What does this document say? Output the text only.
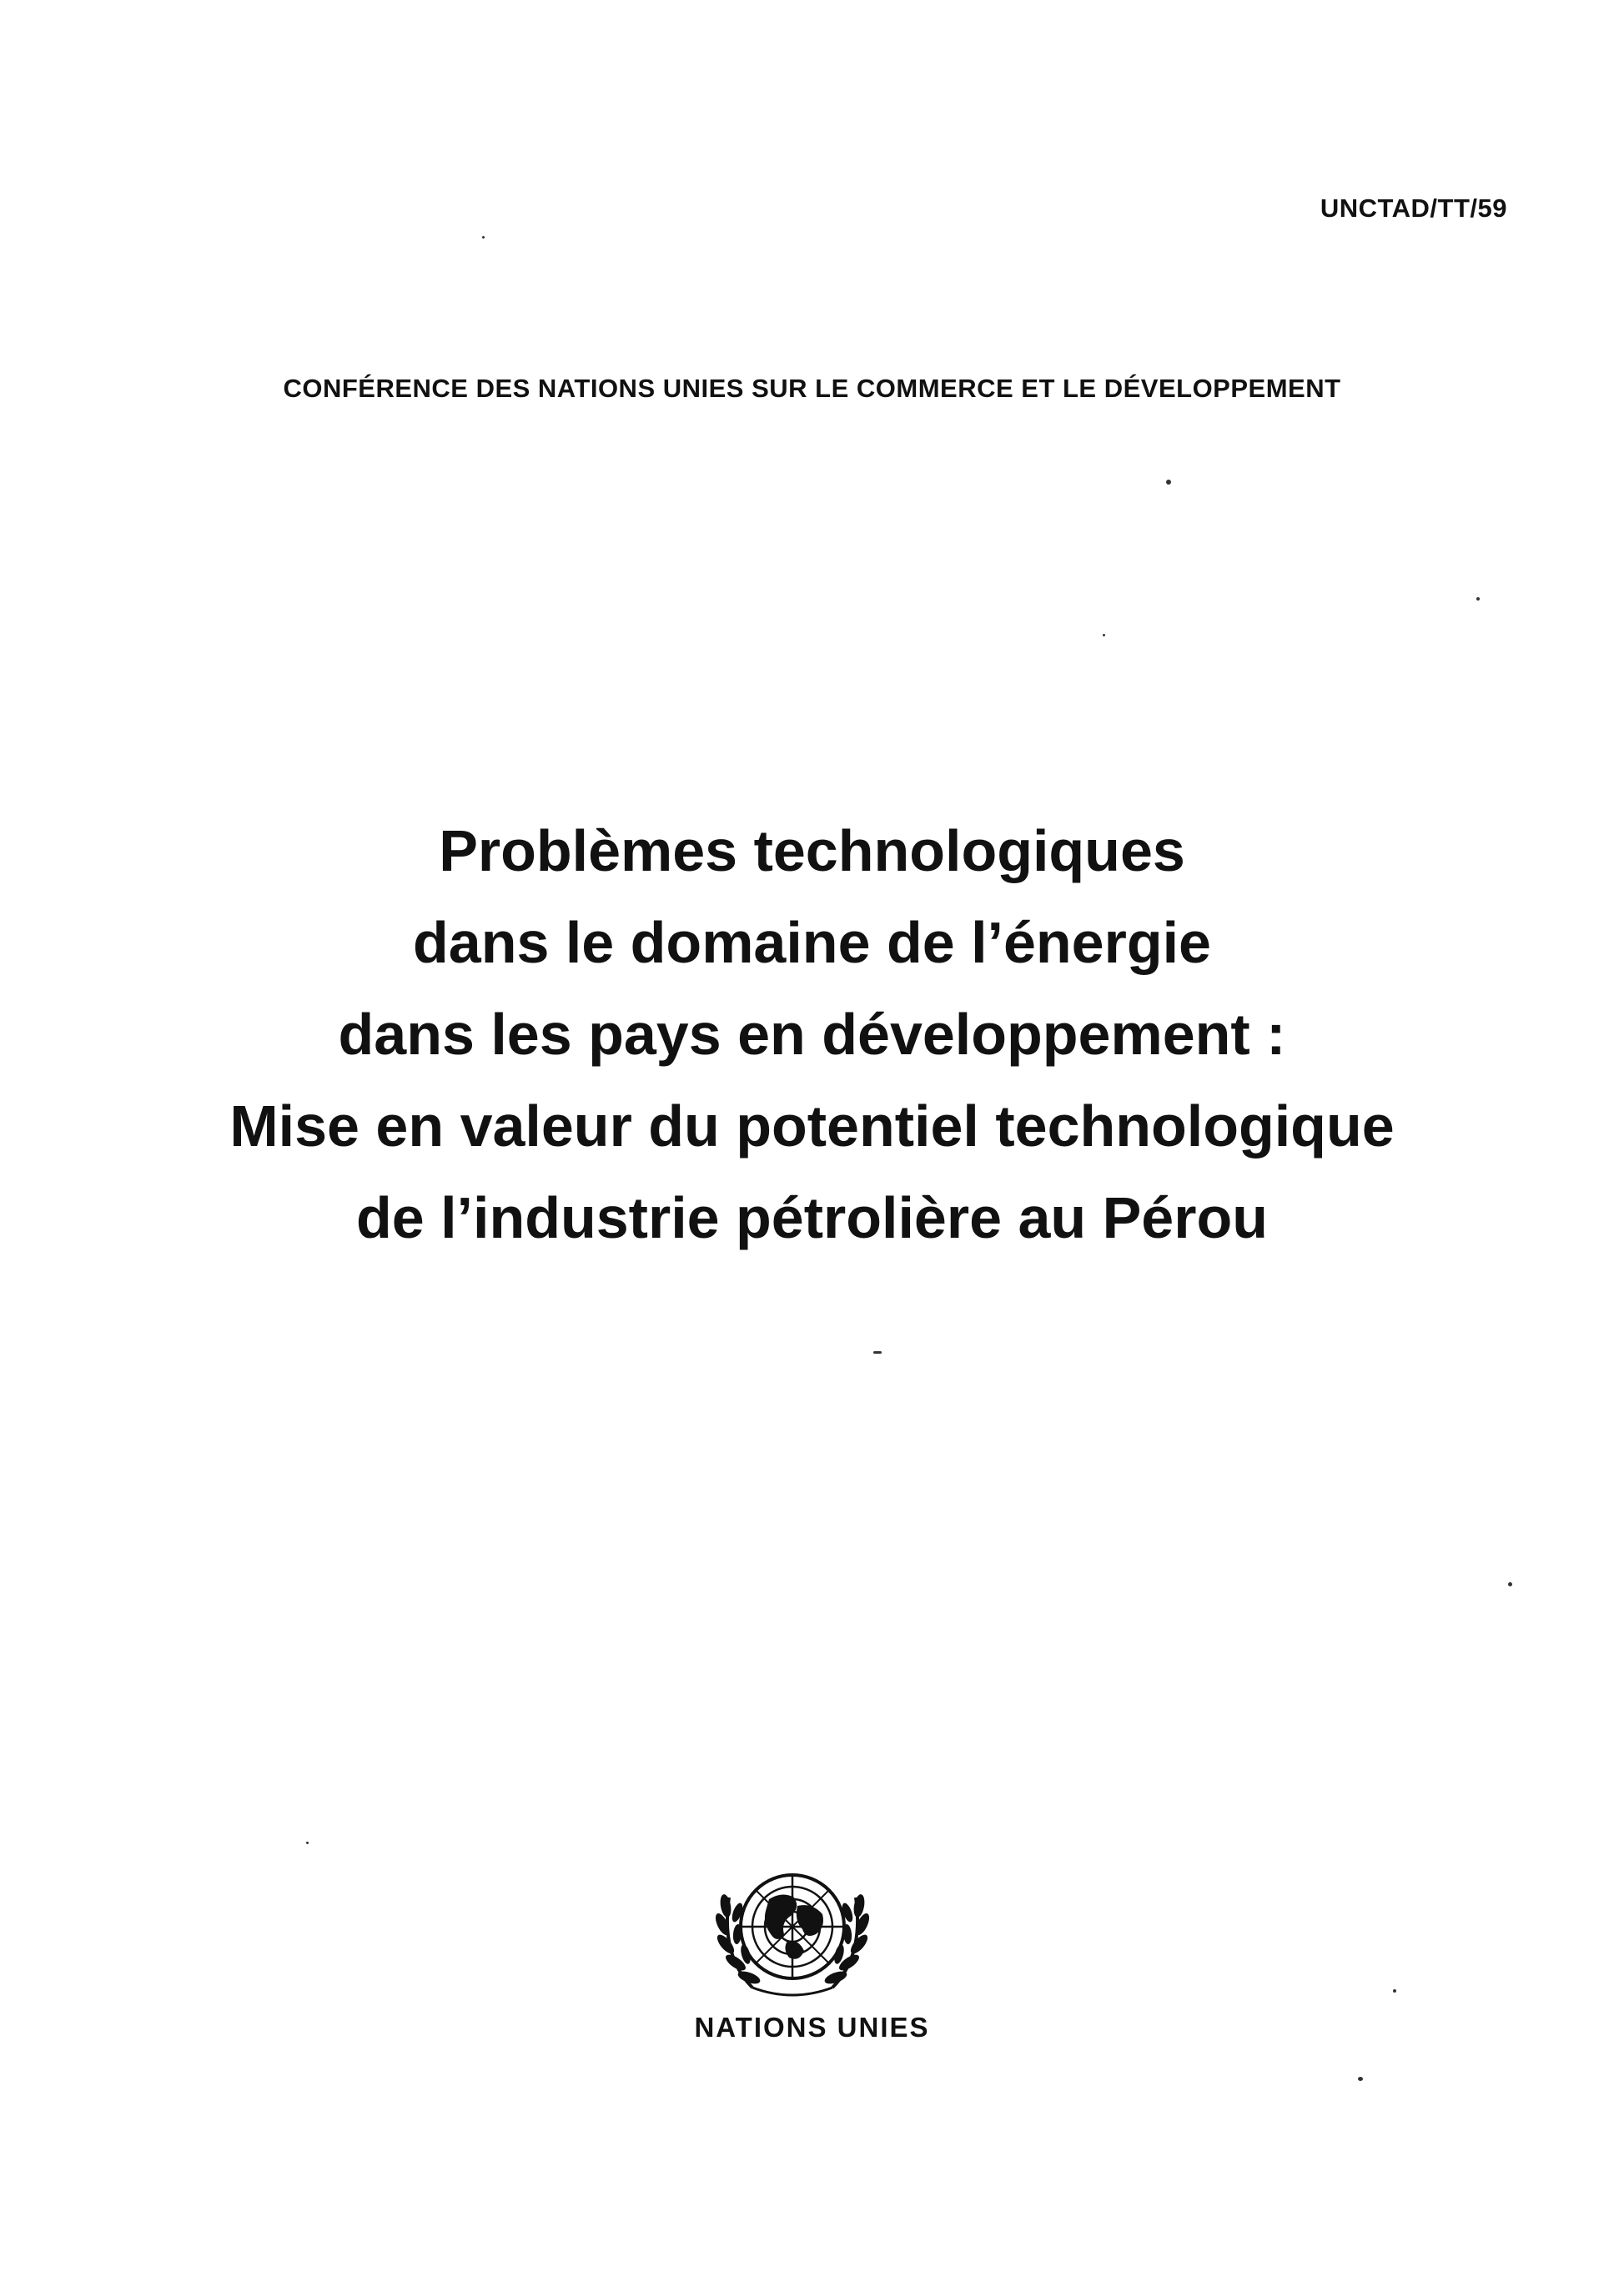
UNCTAD/TT/59
CONFÉRENCE DES NATIONS UNIES SUR LE COMMERCE ET LE DÉVELOPPEMENT
Problèmes technologiques
dans le domaine de l’énergie
dans les pays en développement :
Mise en valeur du potentiel technologique
de l’industrie pétrolière au Pérou
NATIONS UNIES
